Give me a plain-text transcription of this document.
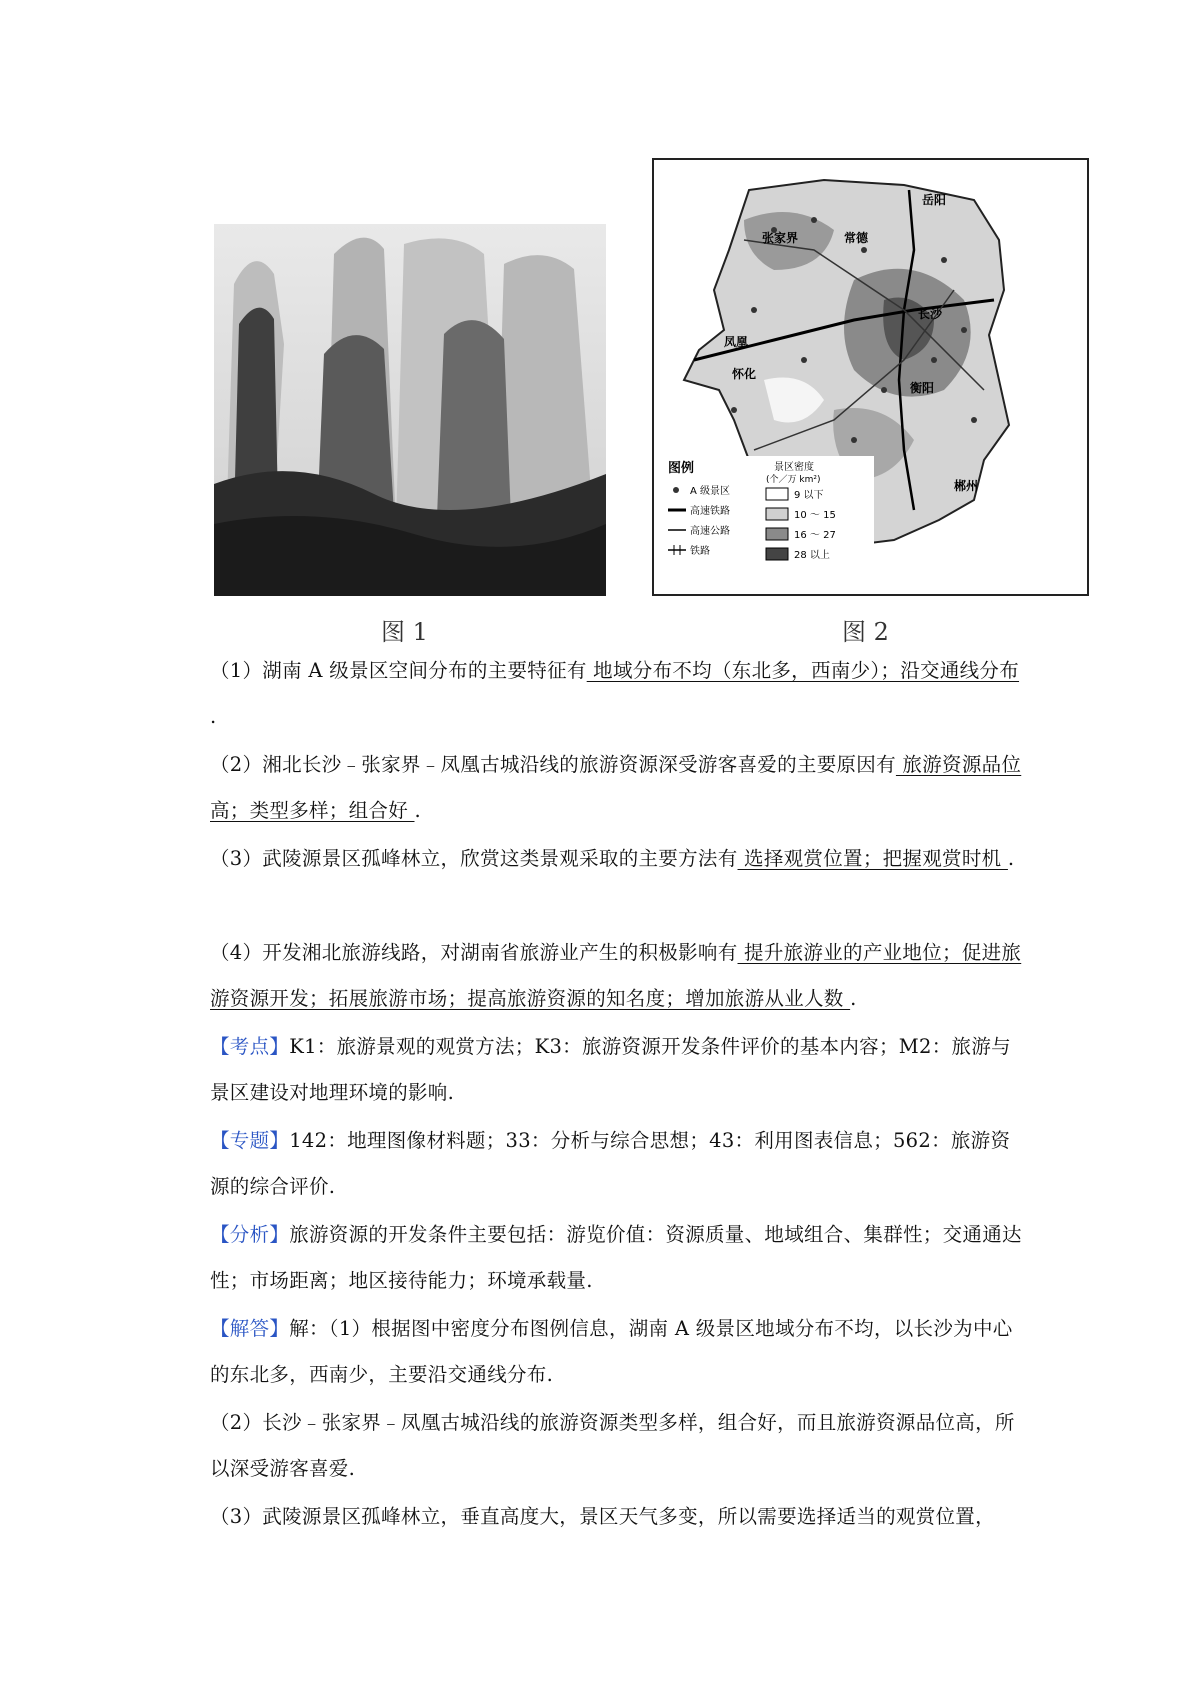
岳阳
张家界	常德
长沙
凤凰
怀化
衡阳
郴州
图例
A 级景区
高速铁路
高速公路
铁路
景区密度
(个／万 km²)
9 以下
10 ～ 15
16 ～ 27
28 以上
图 1	图 2
（1）湖南 A 级景区空间分布的主要特征有 地域分布不均（东北多，西南少）；沿交通线分布 .
（2）湘北长沙﹣张家界﹣凤凰古城沿线的旅游资源深受游客喜爱的主要原因有 旅游资源品位高；类型多样；组合好 .
（3）武陵源景区孤峰林立，欣赏这类景观采取的主要方法有 选择观赏位置；把握观赏时机 .
（4）开发湘北旅游线路，对湖南省旅游业产生的积极影响有 提升旅游业的产业地位；促进旅游资源开发；拓展旅游市场；提高旅游资源的知名度；增加旅游从业人数 .
【考点】K1：旅游景观的观赏方法；K3：旅游资源开发条件评价的基本内容；M2：旅游与景区建设对地理环境的影响.
【专题】142：地理图像材料题；33：分析与综合思想；43：利用图表信息；562：旅游资源的综合评价.
【分析】旅游资源的开发条件主要包括：游览价值：资源质量、地域组合、集群性；交通通达性；市场距离；地区接待能力；环境承载量.
【解答】解：（1）根据图中密度分布图例信息，湖南 A 级景区地域分布不均，以长沙为中心的东北多，西南少，主要沿交通线分布.
（2）长沙﹣张家界﹣凤凰古城沿线的旅游资源类型多样，组合好，而且旅游资源品位高，所以深受游客喜爱.
（3）武陵源景区孤峰林立，垂直高度大，景区天气多变，所以需要选择适当的观赏位置，
